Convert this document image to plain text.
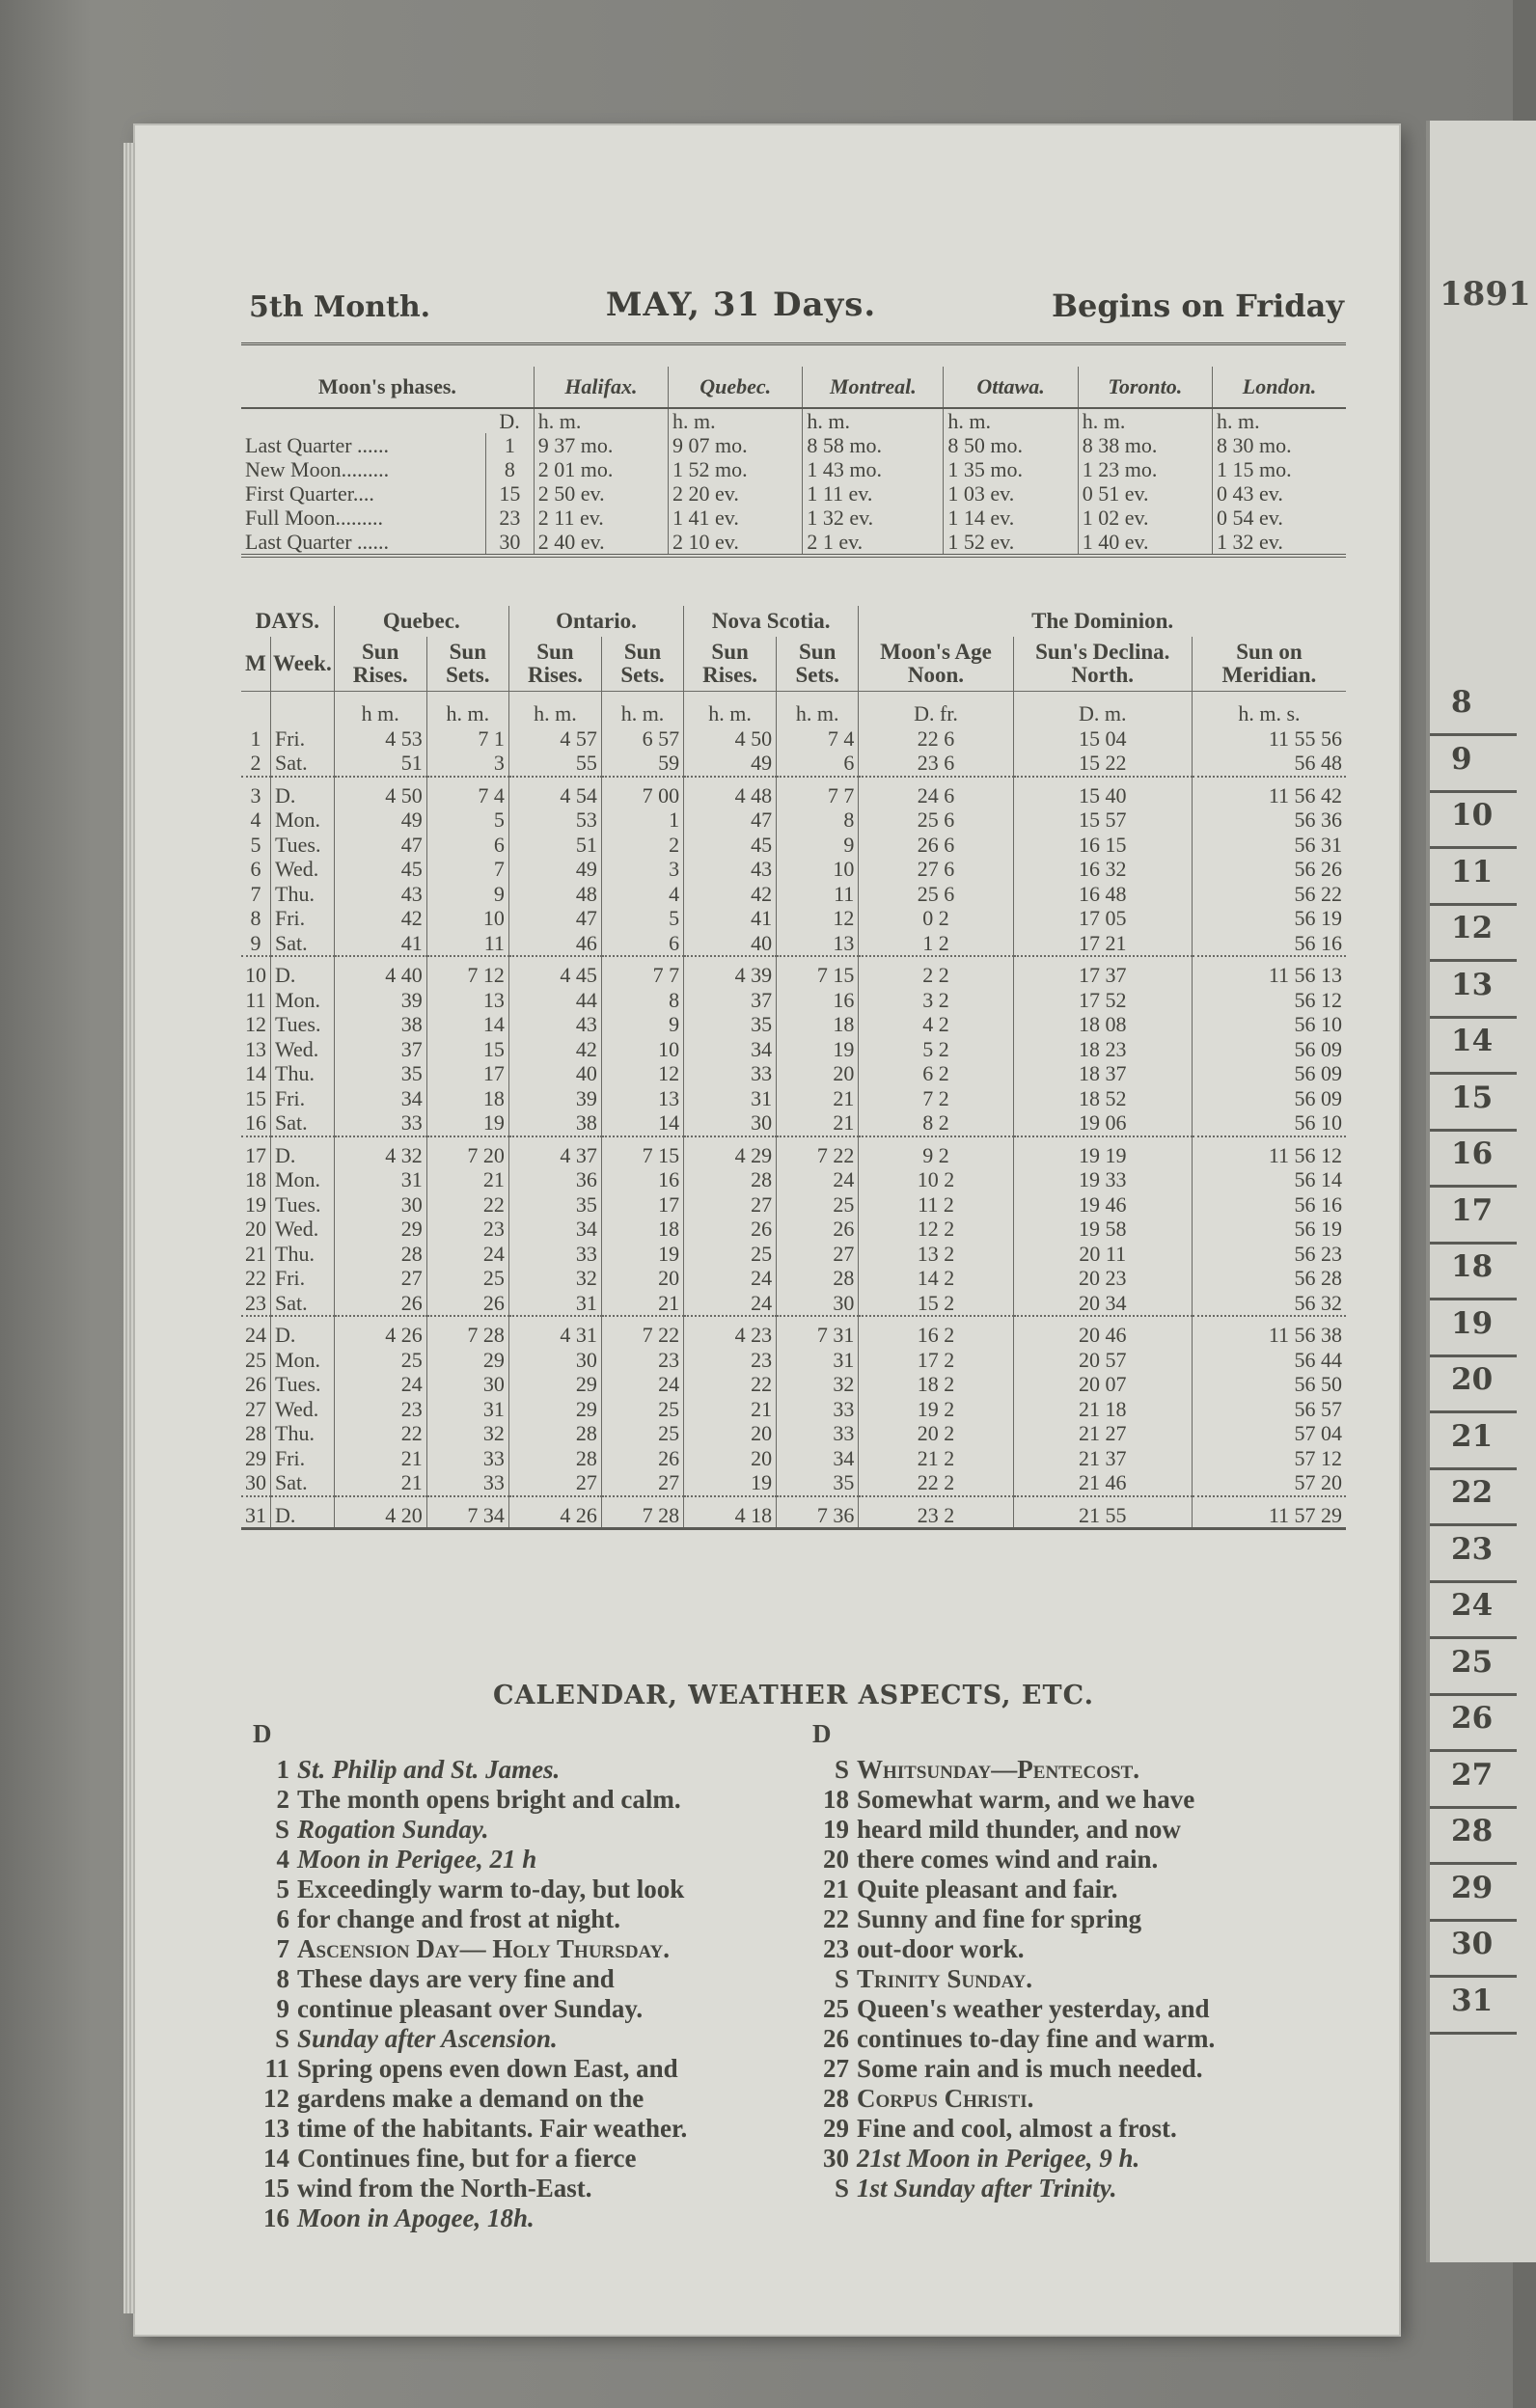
1891
8
9
10
11
12
13
14
15
16
17
18
19
20
21
22
23
24
25
26
27
28
29
30
31
5th Month.	MAY, 31 Days.	Begins on Friday
Moon's phases.		Halifax.	Quebec.	Montreal.	Ottawa.	Toronto.	London.
	D.	h. m.	h. m.	h. m.	h. m.	h. m.	h. m.
Last Quarter ......	1	9 37 mo.	9 07 mo.	8 58 mo.	8 50 mo.	8 38 mo.	8 30 mo.
New Moon.........	8	2 01 mo.	1 52 mo.	1 43 mo.	1 35 mo.	1 23 mo.	1 15 mo.
First Quarter....	15	2 50 ev.	2 20 ev.	1 11 ev.	1 03 ev.	0 51 ev.	0 43 ev.
Full Moon.........	23	2 11 ev.	1 41 ev.	1 32 ev.	1 14 ev.	1 02 ev.	0 54 ev.
Last Quarter ......	30	2 40 ev.	2 10 ev.	2 1 ev.	1 52 ev.	1 40 ev.	1 32 ev.
DAYS.		Quebec.		Ontario.		Nova Scotia.		The Dominion.		
M	Week.	Sun Rises.	Sun Sets.	Sun Rises.	Sun Sets.	Sun Rises.	Sun Sets.	Moon's Age Noon.	Sun's Declina. North.	Sun on Meridian.
		h m.	h. m.	h. m.	h. m.	h. m.	h. m.	D. fr.	D. m.	h. m. s.
1	Fri.	4 53	7 1	4 57	6 57	4 50	7 4	22 6	15 04	11 55 56
2	Sat.	51	3	55	59	49	6	23 6	15 22	56 48
3	D.	4 50	7 4	4 54	7 00	4 48	7 7	24 6	15 40	11 56 42
4	Mon.	49	5	53	1	47	8	25 6	15 57	56 36
5	Tues.	47	6	51	2	45	9	26 6	16 15	56 31
6	Wed.	45	7	49	3	43	10	27 6	16 32	56 26
7	Thu.	43	9	48	4	42	11	25 6	16 48	56 22
8	Fri.	42	10	47	5	41	12	0 2	17 05	56 19
9	Sat.	41	11	46	6	40	13	1 2	17 21	56 16
10	D.	4 40	7 12	4 45	7 7	4 39	7 15	2 2	17 37	11 56 13
11	Mon.	39	13	44	8	37	16	3 2	17 52	56 12
12	Tues.	38	14	43	9	35	18	4 2	18 08	56 10
13	Wed.	37	15	42	10	34	19	5 2	18 23	56 09
14	Thu.	35	17	40	12	33	20	6 2	18 37	56 09
15	Fri.	34	18	39	13	31	21	7 2	18 52	56 09
16	Sat.	33	19	38	14	30	21	8 2	19 06	56 10
17	D.	4 32	7 20	4 37	7 15	4 29	7 22	9 2	19 19	11 56 12
18	Mon.	31	21	36	16	28	24	10 2	19 33	56 14
19	Tues.	30	22	35	17	27	25	11 2	19 46	56 16
20	Wed.	29	23	34	18	26	26	12 2	19 58	56 19
21	Thu.	28	24	33	19	25	27	13 2	20 11	56 23
22	Fri.	27	25	32	20	24	28	14 2	20 23	56 28
23	Sat.	26	26	31	21	24	30	15 2	20 34	56 32
24	D.	4 26	7 28	4 31	7 22	4 23	7 31	16 2	20 46	11 56 38
25	Mon.	25	29	30	23	23	31	17 2	20 57	56 44
26	Tues.	24	30	29	24	22	32	18 2	20 07	56 50
27	Wed.	23	31	29	25	21	33	19 2	21 18	56 57
28	Thu.	22	32	28	25	20	33	20 2	21 27	57 04
29	Fri.	21	33	28	26	20	34	21 2	21 37	57 12
30	Sat.	21	33	27	27	19	35	22 2	21 46	57 20
31	D.	4 20	7 34	4 26	7 28	4 18	7 36	23 2	21 55	11 57 29
CALENDAR, WEATHER ASPECTS, ETC.
D
1 St. Philip and St. James.
2 The month opens bright and calm.
S Rogation Sunday.
4 Moon in Perigee, 21 h
5 Exceedingly warm to-day, but look
6 for change and frost at night.
7 Ascension Day— Holy Thursday.
8 These days are very fine and
9 continue pleasant over Sunday.
S Sunday after Ascension.
11 Spring opens even down East, and
12 gardens make a demand on the
13 time of the habitants. Fair weather.
14 Continues fine, but for a fierce
15 wind from the North-East.
16 Moon in Apogee, 18h.
D
S Whitsunday—Pentecost.
18 Somewhat warm, and we have
19 heard mild thunder, and now
20 there comes wind and rain.
21 Quite pleasant and fair.
22 Sunny and fine for spring
23 out-door work.
S Trinity Sunday.
25 Queen's weather yesterday, and
26 continues to-day fine and warm.
27 Some rain and is much needed.
28 Corpus Christi.
29 Fine and cool, almost a frost.
30 21st Moon in Perigee, 9 h.
S 1st Sunday after Trinity.
